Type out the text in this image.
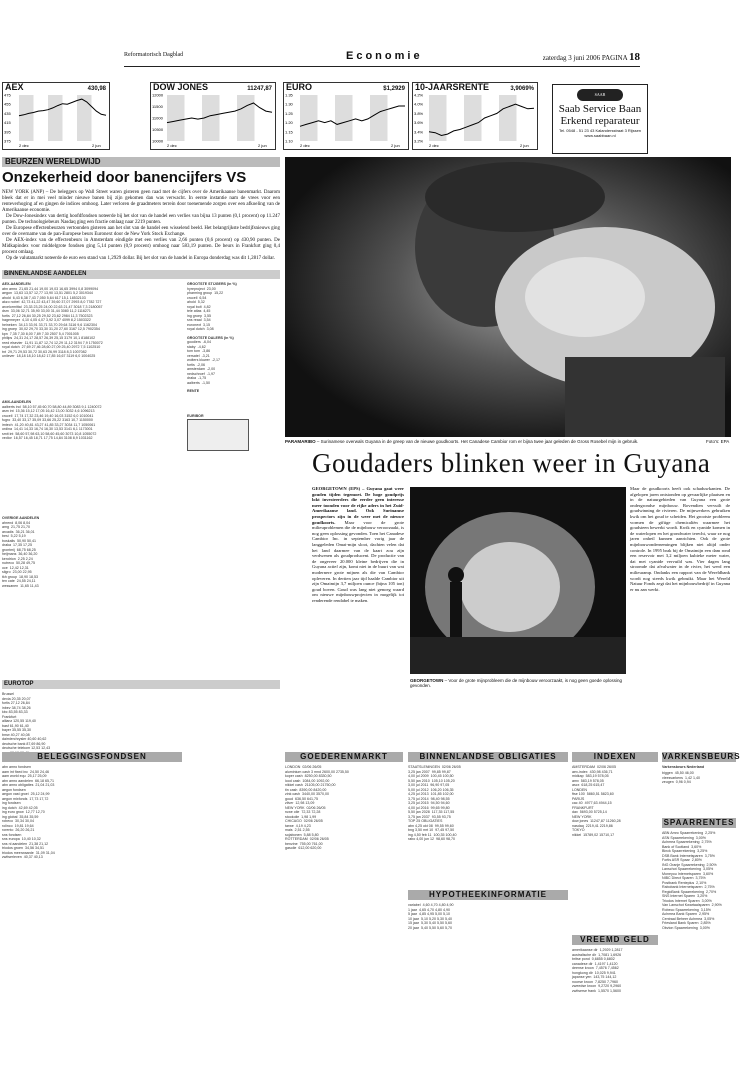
Reformatorisch Dagblad	Economie	zaterdag 3 juni 2006 PAGINA 18
475
455
435
415
395
375
2 dec	2 jun
AEX	430,98
12000
11500
11000
10500
10000
2 dec	2 jun
DOW JONES	11247,87
1.35
1.30
1.25
1.20
1.15
1.10
2 dec	2 jun
EURO	$1,2929
4.2%
4.0%
3.8%
3.6%
3.4%
3.2%
2 dec	2 jun
10-JAARSRENTE	3,9069%
SAAB
Saab Service Baan
Erkend reparateur
Tel. 0548 - 51 23 43 Kalandersstraat 3 Rijssen www.saabbaan.nl
BEURZEN WERELDWIJD
Onzekerheid door banencijfers VS

NEW YORK (ANP) – De beleggers op Wall Street waren gisteren geen raad met de cijfers over de Amerikaanse banenmarkt. Daarom bleek dat er in mei veel minder nieuwe banen bij zijn gekomen dan was verwacht. In eerste instantie nam de vrees voor een renteverhoging af en gingen de indices omhoog. Later verloren de graadmeters terrein door toenemende zorgen over een afkoeling van de Amerikaanse economie.

De Dow-Jonesindex van dertig hoofdfondsen noteerde bij het slot van de handel een verlies van bijna 13 punten (0,1 procent) op 11.247 punten. De technologiebeurs Nasdaq ging een fractie omlaag naar 2219 punten.

De Europese effectenbeurzen vertoonden gisteren aan het slot van de handel een wisselend beeld. Het belangrijkste bedrijfsnieuws ging over de overname van de pan-Europese beurs Euronext door de New York Stock Exchange.

De AEX-index van de effectenbeurs in Amsterdam eindigde met een verlies van 2,66 punten (0,6 procent) op 430,90 punten. De Midkapindex voor middelgrote fondsen ging 5,14 punten (0,9 procent) omhoog naar 583,19 punten. De beurs in Frankfurt ging 0,4 procent omlaag.

Op de valutamarkt noteerde de euro een stand van 1,2929 dollar. Bij het slot van de handel in Europa donderdag was dit 1,2817 dollar.

BINNENLANDSE AANDELEN
AEX-AANDELEN
abn amro  21,65 21,44 19,00 19,03 16,65 3994 0,8 3099094
aegon  13,63 13,57 12,77 13,90 13,51 2801 5,2 3019344
ahold  6,43 6,38 7,43 7,050 5,64 617 15,1 18532103
akzo nobel  42,73 41,22 43,47 39,60 37,07 2993 8,0 7782 727
arcelormittal  23,33 23,25 24,00 22,63 21,47 3018 7,3 2180057
dsm  33,06 32,71 35,90 33,00 31,44 3080 11,2 1116271
fortis  27,12 26,84 30,25 29,52 23,62 2984 11,3 7502323
hagemeyer  4,10 4,05 4,07 3,92 3,07 4099 8,2 1503322
heineken  34,13 33,91 33,71 33,70 29,64 3116 9,6 1162304
ing groep  30,02 29,70 33,30 31,20 27,60 3167 12,5 7902354
kpn  7,35 7,30 8,00 7,89 7,30 2507 5,4 7001005
philips  24,31 24,17 28,57 26,39 25,15 3179 10,1 8188102
reed elsevier  11,91 11,87 12,74 12,29 11,12 3194 7,9 1750072
royal dutch  27,69 27,46 28,60 27,09 25,40 2972 7,5 1102510
tnt  29,71 29,53 30,72 30,63 26,99 3118 8,3 1007082
unilever  18,18 18,10 18,42 17,85 16,67 3119 6,0 1004025
AMX-AANDELEN
aalberts ind  58,10 57,45 60,70 58,80 44,89 3083 9,1 1240072
asm int  15,36 15,12 17,05 16,42 13,00 3032 4,6 1096213
crucell  17,74 17,32 23,46 19,40 16,03 3152 6,0 1010041
fugro  33,40 33,17 35,09 33,66 25,22 3163 10,7 1150000
imtech  41,20 40,81 43,27 41,85 33,27 3034 11,7 1050061
ordina  14,41 14,33 16,74 16,30 13,53 3141 6,1 1173001
smit int  58,60 57,98 63,10 58,60 45,60 3073 10,8 1055072
vedior  16,57 16,45 18,71 17,75 14,84 3108 8,9 1031162
GROOTSTE STIJGERS (in %)
hyreproject  23,00
pharming group  15,22
crucell  6,54
ahold  5,32
royal bolt  4,82
tele atlas  4,45
ing groep  3,55
sns reaal  3,54
euronext  3,15
royal dutch  3,08
GROOTSTE DALERS (in %)
goodiers  -6,04
staby  -4,62
tom tom  -3,86
versatel  -3,21
wolters kluwer  -2,17
fortis  -2,06
amsterdam  -2,00
nedschroef  -1,97
draka  -1,75
aalberts  -1,50
RENTE
EURIBOR
OVERIGE AANDELEN
ahrend  8,06 8,04
amg  21,75 21,70
arcadis  36,21 36,01
besi  5,22 5,19
boskalis  50,90 50,41
draka  17,35 17,25
grontmij  68,75 68,25
heijmans  36,40 36,20
kendrion  2,25 2,24
nutreco  50,28 49,75
oce  12,42 12,31
sligro  23,00 22,95
tkh group  18,90 18,53
ten cate  24,55 24,11
wessanen  11,65 11,43
EUROTOP
Brussel
dexia 20,35 20,07
fortis 27,12 26,84
inbev 38,74 38,26
kbc 83,55 83,33
Frankfurt
allianz 120,55 119,40
basf 61,90 61,40
bayer 35,55 35,30
bmw 40,27 40,08
daimlerchrysler 40,60 40,62
deutsche bank 87,69 86,90
deutsche telekom 12,53 12,43
PARAMARIBO – Surinamese overwals Guyana in de greep van de nieuwe goudkoorts. Het Canadese Cambior rom er bijna twee jaar geleden de Gross Rosebel mijn in gebruik.	Foto's: EPA
Goudaders blinken weer in Guyana
GEORGETOWN (EPS) – Guyana gaat weer gouden tijden tegemoet. De hoge goudprijs lokt investeerders die eerder geen interesse meer toonden voor de rijke aders in het Zuid-Amerikaanse land. Ook Surinamse prospectors zijn in de weer met de nieuwe goudkoorts. Maar voor de grote milieuproblemen die de mijnbouw veroorzaakt, is nog geen oplossing gevonden. Toen het Canadese Cambior Inc. in september vorig jaar de langgeleden Omai-mijn sloot, dachten velen dat het land daarmee van de kaart zou zijn verdwenen als goudproducent. De productie van de ongeveer 20.000 kleine bedrijven die in Guyana actief zijn, komt niet in de buurt van wat modernere grote mijnen als die van Cambior opleveren. In dertien jaar tijd haalde Cambior uit zijn Omaimijn 3,7 miljoen ounce (bijna 105 ton) goud boven. Goud was lang niet genoeg waard om nieuwe mijnbouwprojecten in mogelijk tot renderende rendabel te maken.
GEORGETOWN – Voor de grote mijnprobleem die de mijnbouw veroorzaakt, is nog geen goede oplossing gevonden.
Maar de goudkoorts heeft ook schaduwkanten. De afgelopen jaren ontstonden op gevaarlijke plaatsen en in de natuurgebieden van Guyana een grote ondergrondse mijnbouw. Bovendien vervuilt de goudwinning de rivieren. De mijnwerkers gebruiken kwik om het goud te scheiden. Het grootste probleem vormen de giftige chemicaliën waarmee het goudsteen bewerkt wordt. Kwik en cyanide komen in de waterlopen en het grondwater terecht, waar ze nog jaren onheil kunnen aanrichten. Ook de grote mijnbouwondernemingen blijken niet altijd onder controle. In 1995 brak bij de Omaimijn een dam rond een reservoir met 3,2 miljoen kubieke meter water, dat met cyanide vervuild was. Vier dagen lang stroomde dat afvalwater in de rivier, het werd een milieuramp. Ondanks een rapport van de Wereldbank wordt nog steeds kwik gebruikt. Maar het Wereld Natuur Fonds zegt dat het mijnbouwbedrijf in Guyana er nu aan werkt.
BELEGGINGSFONDSEN
abn amro fondsen
aam int fixed inc  24,50 24,46
aam world equ  25,17 25,09
abn amro aandelen  66,18 65,71
abn amro obligaties  21,04 21,03
aegon fondsen
aegon vast groei  25,12 24,99
aegon mixfonds  17,73 17,72
ing fondsen
ing dutch  42,69 42,05
ing euro grow  12,77 12,70
ing global  35,84 35,59
robeco  30,34 30,04
rolinco  19,81 19,64
rorento  26,20 26,21
sns fondsen
sns europa  10,40 10,32
sns nl aandelen  21,38 21,12
triodos groen  34,56 34,51
triodos meerwaarde  31,09 31,04
zwitserleven  40,37 40,13
GOEDERENMARKT
LONDON  02/06 26/05
aluminium cash 3 mnd 2600,00 2735,50
koper cash  8250,00 8330,50
lood cash  1084,00 1092,00
nikkel cash  21105,00 21750,00
tin cash  8390,00 8420,00
zink cash  3440,00 3570,00
goud  636,50 641,75
zilver  12,98 13,09
NEW YORK  02/06 26/05
ruwe olie  72,33 72,28
stookolie  1,98 1,99
CHICAGO  02/06 26/05
tarwe  4,19 4,23
mais  2,51 2,55
sojabonen  5,88 5,80
ROTTERDAM  02/06 26/05
benzine  755,00 761,00
gasolie  612,00 620,00
BINNENLANDSE OBLIGATIES
STAATSLENINGEN  02/06 26/05
3,25 jan 2007  99,85 99,87
4,00 jul 2009  100,45 100,50
5,50 jan 2010  105,10 105,20
3,00 jul 2011  96,90 97,05
5,00 jul 2012  106,20 106,35
4,25 jul 2013  101,85 102,00
3,75 jul 2014  98,40 98,55
3,25 jul 2015  94,50 94,60
4,00 jul 2016  99,65 99,80
5,50 jan 2028  117,35 117,55
3,75 jan 2037  93,55 93,75
TOP 25 OBLIGATIES
abn 4,25 okt 08  99,55 99,60
bng 3,50 mrt 10  97,45 97,50
ing 4,50 feb 11  100,35 100,40
rabo 4,00 jun 12  98,60 98,70
HYPOTHEEKINFORMATIE
variabel  4,60 4,70 4,80 4,90
1 jaar  4,65 4,70 4,80 4,90
5 jaar  4,85 4,95 5,00 5,10
10 jaar  5,10 5,20 5,30 5,40
15 jaar  5,30 5,40 5,50 5,60
20 jaar  5,40 5,50 5,60 5,70
INDEXEN
AMSTERDAM  02/06 26/05
aex-index  430,98 436,71
midkap  583,19 578,05
amx  583,19 578,05
ascx  618,25 615,47
LONDEN
ftse 100  5860,51 5823,60
PARIJS
cac 40  4977,63 4944,15
FRANKFURT
dax  5693,00 5725,14
NEW YORK
dow jones  11247,87 11260,28
nasdaq  2219,41 2219,86
TOKYO
nikkei  15789,02 15710,17
VARKENSBEURS
Varkensbeurs Nederland
biggen  45,50 46,00
vleesvarkens  1,42 1,40
zeugen  0,96 0,94
SPAARRENTES
ABN Amro Spaarrekening  2,25%
ASN Spaarrekening  3,00%
Achmea Spaarrekening  2,75%
Bank of Scotland  3,60%
Binck Spaarrekening  3,25%
DSB Bank Internetsparen  3,75%
Fortis ASR Spaar  2,80%
ING Oranje Spaarrekening  2,50%
Lanschot Spaarrekening  3,05%
Moneyou Internetsparen  3,60%
NIBC Direct Sparen  3,75%
Postbank Renteplus  2,10%
Rabobank Internetsparen  2,75%
RegioBank Spaarrekening  2,70%
SNS Internet Sparen  3,20%
Triodos Internet Sparen  3,00%
Van Lanschot Kwartaalsparen  2,90%
Robeco Spaarrekening  3,15%
Achmea Bank Sparen  2,95%
Centraal Beheer Achmea  3,05%
Friesland Bank Sparen  2,85%
Obvion Spaarrekening  3,00%
VREEMD GELD
amerikaanse dlr  1,2929 1,2817
australische dlr  1,7081 1,6926
britse pond  0,6855 0,6802
canadese dlr  1,4197 1,4120
deense kroon  7,4576 7,4562
hongkong dlr  10,025 9,941
japanse yen  143,75 144,12
noorse kroon  7,8250 7,7960
zweedse kroon  9,2720 9,2960
zwitserse frank  1,5570 1,5600
